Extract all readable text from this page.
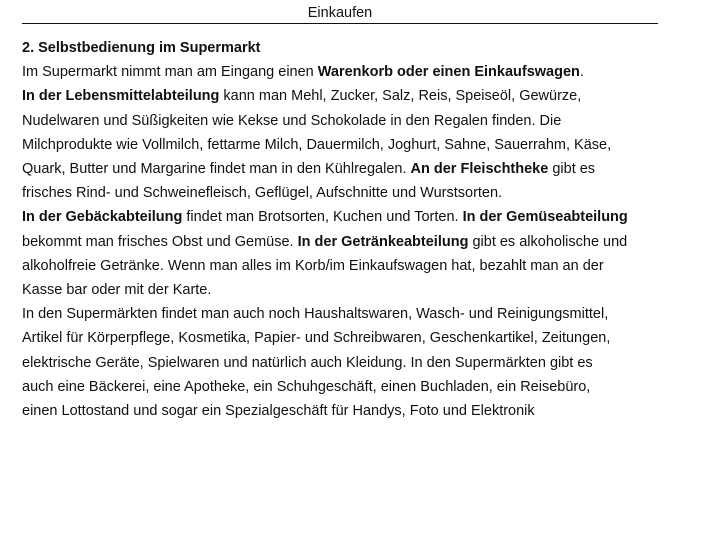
Einkaufen
2. Selbstbedienung im Supermarkt
Im Supermarkt nimmt man am Eingang einen Warenkorb oder einen Einkaufswagen.
In der Lebensmittelabteilung kann man Mehl, Zucker, Salz, Reis, Speiseöl, Gewürze,
Nudelwaren und Süßigkeiten wie Kekse und Schokolade in den Regalen finden. Die
Milchprodukte wie Vollmilch, fettarme Milch, Dauermilch, Joghurt, Sahne, Sauerrahm, Käse,
Quark, Butter und Margarine findet man in den Kühlregalen. An der Fleischtheke gibt es
frisches Rind- und Schweinefleisch, Geflügel, Aufschnitte und Wurstsorten.
In der Gebäckabteilung findet man Brotsorten, Kuchen und Torten. In der Gemüseabteilung
bekommt man frisches Obst und Gemüse. In der Getränkeabteilung gibt es alkoholische und
alkoholfreie Getränke. Wenn man alles im Korb/im Einkaufswagen hat, bezahlt man an der
Kasse bar oder mit der Karte.
In den Supermärkten findet man auch noch Haushaltswaren, Wasch- und Reinigungsmittel,
Artikel für Körperpflege, Kosmetika, Papier- und Schreibwaren, Geschenkartikel, Zeitungen,
elektrische Geräte, Spielwaren und natürlich auch Kleidung. In den Supermärkten gibt es
auch eine Bäckerei, eine Apotheke, ein Schuhgeschäft, einen Buchladen, ein Reisebüro,
einen Lottostand und sogar ein Spezialgeschäft für Handys, Foto und Elektronik
